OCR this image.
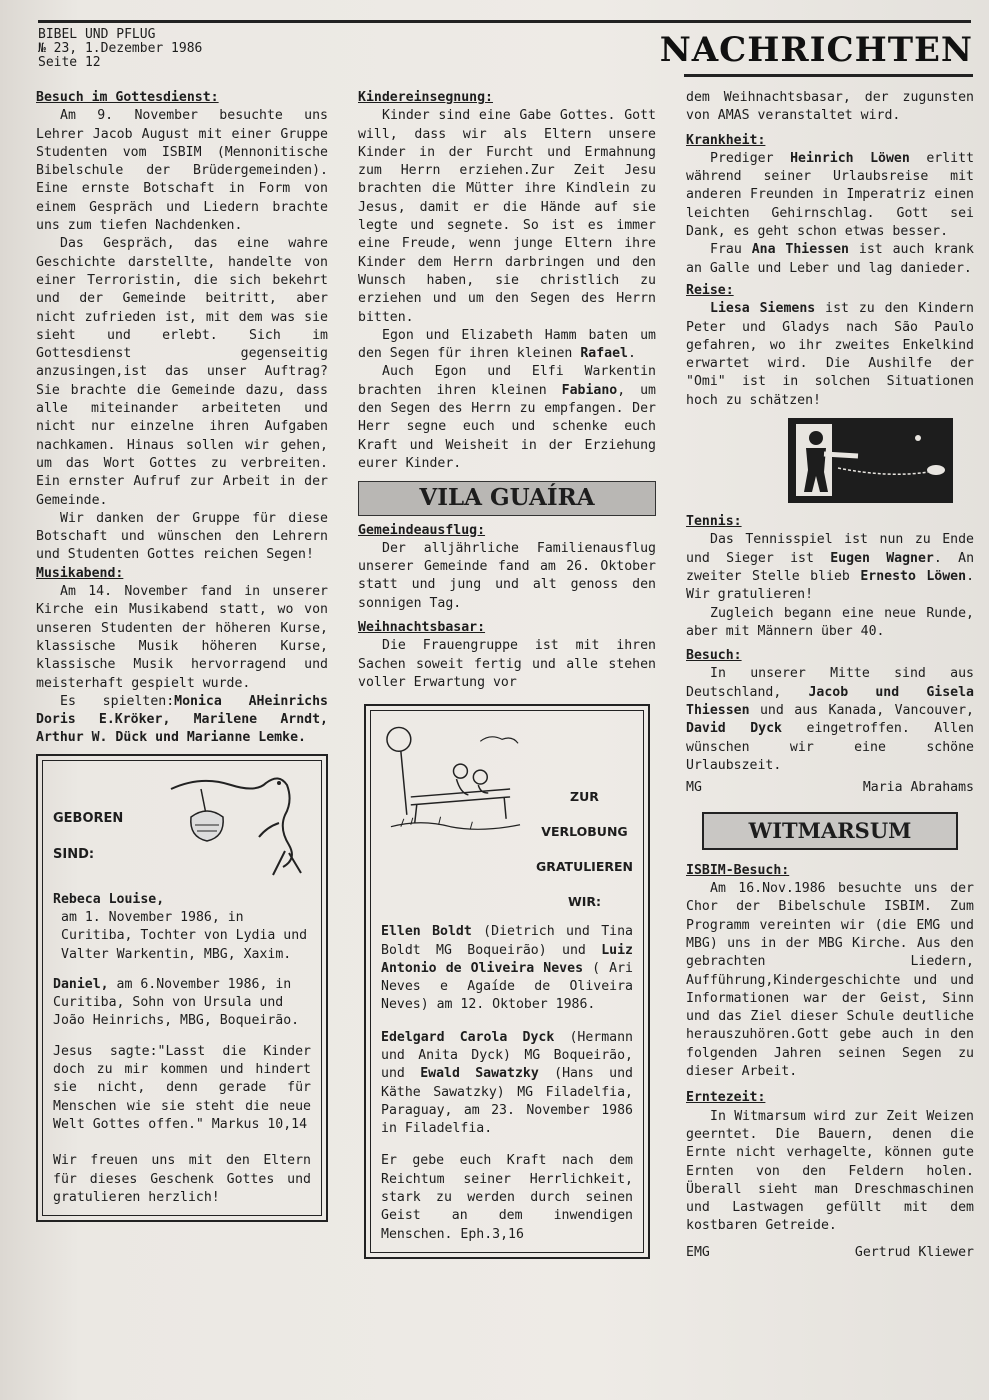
BIBEL UND PFLUG
№ 23, 1.Dezember 1986
Seite 12	NACHRICHTEN
Besuch im Gottesdienst:

Am 9. November besuchte uns Lehrer Jacob August mit einer Gruppe Studenten vom ISBIM (Mennonitische Bibelschule der Brüdergemeinden). Eine ernste Botschaft in Form von einem Gespräch und Liedern brachte uns zum tiefen Nachdenken.

Das Gespräch, das eine wahre Geschichte darstellte, handelte von einer Terroristin, die sich bekehrt und der Gemeinde beitritt, aber nicht zufrieden ist, mit dem was sie sieht und erlebt. Sich im Gottesdienst gegenseitig anzusingen,ist das unser Auftrag? Sie brachte die Gemeinde dazu, dass alle miteinander arbeiteten und nicht nur einzelne ihren Aufgaben nachkamen. Hinaus sollen wir gehen, um das Wort Gottes zu verbreiten. Ein ernster Aufruf zur Arbeit in der Gemeinde.

Wir danken der Gruppe für diese Botschaft und wünschen den Lehrern und Studenten Gottes reichen Segen!

Musikabend:

Am 14. November fand in unserer Kirche ein Musikabend statt, wo von unseren Studenten der höheren Kurse, klassische Musik höheren Kurse, klassische Musik hervorragend und meisterhaft gespielt wurde.

Es spielten:Monica AHeinrichs Doris E.Kröker, Marilene Arndt, Arthur W. Dück und Marianne Lemke.

GEBOREN
SIND:
Rebeca Louise,

am 1. November 1986, in Curitiba, Tochter von Lydia und Valter Warkentin, MBG, Xaxim.
Daniel, am 6.November 1986, in Curitiba, Sohn von Ursula und João Heinrichs, MBG, Boqueirão.
Jesus sagte:"Lasst die Kinder doch zu mir kommen und hindert sie nicht, denn gerade für Menschen wie sie steht die neue Welt Gottes offen." Markus 10,14
Wir freuen uns mit den Eltern für dieses Geschenk Gottes und gratulieren herzlich!
Kindereinsegnung:

Kinder sind eine Gabe Gottes. Gott will, dass wir als Eltern unsere Kinder in der Furcht und Ermahnung zum Herrn erziehen.Zur Zeit Jesu brachten die Mütter ihre Kindlein zu Jesus, damit er die Hände auf sie legte und segnete. So ist es immer eine Freude, wenn junge Eltern ihre Kinder dem Herrn darbringen und den Wunsch haben, sie christlich zu erziehen und um den Segen des Herrn bitten.

Egon und Elizabeth Hamm baten um den Segen für ihren kleinen Rafael.

Auch Egon und Elfi Warkentin brachten ihren kleinen Fabiano, um den Segen des Herrn zu empfangen. Der Herr segne euch und schenke euch Kraft und Weisheit in der Erziehung eurer Kinder.

VILA GUAÍRA
Gemeindeausflug:

Der alljährliche Familienausflug unserer Gemeinde fand am 26. Oktober statt und jung und alt genoss den sonnigen Tag.

Weihnachtsbasar:

Die Frauengruppe ist mit ihren Sachen soweit fertig und alle stehen voller Erwartung vor

ZUR
VERLOBUNG
GRATULIEREN
WIR:
Ellen Boldt (Dietrich und Tina Boldt MG Boqueirão) und Luiz Antonio de Oliveira Neves ( Ari Neves e Agaíde de Oliveira Neves) am 12. Oktober 1986.
Edelgard Carola Dyck (Hermann und Anita Dyck) MG Boqueirão, und Ewald Sawatzky (Hans und Käthe Sawatzky) MG Filadelfia, Paraguay, am 23. November 1986 in Filadelfia.
Er gebe euch Kraft nach dem Reichtum seiner Herrlichkeit, stark zu werden durch seinen Geist an dem inwendigen Menschen. Eph.3,16

dem Weihnachtsbasar, der zugunsten von AMAS veranstaltet wird.

Krankheit:

Prediger Heinrich Löwen erlitt während seiner Urlaubsreise mit anderen Freunden in Imperatriz einen leichten Gehirnschlag. Gott sei Dank, es geht schon etwas besser.

Frau Ana Thiessen ist auch krank an Galle und Leber und lag danieder.

Reise:

Liesa Siemens ist zu den Kindern Peter und Gladys nach São Paulo gefahren, wo ihr zweites Enkelkind erwartet wird. Die Aushilfe der "Omi" ist in solchen Situationen hoch zu schätzen!

Tennis:

Das Tennisspiel ist nun zu Ende und Sieger ist Eugen Wagner. An zweiter Stelle blieb Ernesto Löwen. Wir gratulieren!

Zugleich begann eine neue Runde, aber mit Männern über 40.

Besuch:

In unserer Mitte sind aus Deutschland, Jacob und Gisela Thiessen und aus Kanada, Vancouver, David Dyck eingetroffen. Allen wünschen wir eine schöne Urlaubszeit.

MG	Maria Abrahams
WITMARSUM
ISBIM-Besuch:

Am 16.Nov.1986 besuchte uns der Chor der Bibelschule ISBIM. Zum Programm vereinten wir (die EMG und MBG) uns in der MBG Kirche. Aus den gebrachten Liedern, Aufführung,Kindergeschichte und und Informationen war der Geist, Sinn und das Ziel dieser Schule deutliche herauszuhören.Gott gebe auch in den folgenden Jahren seinen Segen zu dieser Arbeit.

Erntezeit:

In Witmarsum wird zur Zeit Weizen geerntet. Die Bauern, denen die Ernte nicht verhagelte, können gute Ernten von den Feldern holen. Überall sieht man Dreschmaschinen und Lastwagen gefüllt mit dem kostbaren Getreide.

EMG	Gertrud Kliewer
